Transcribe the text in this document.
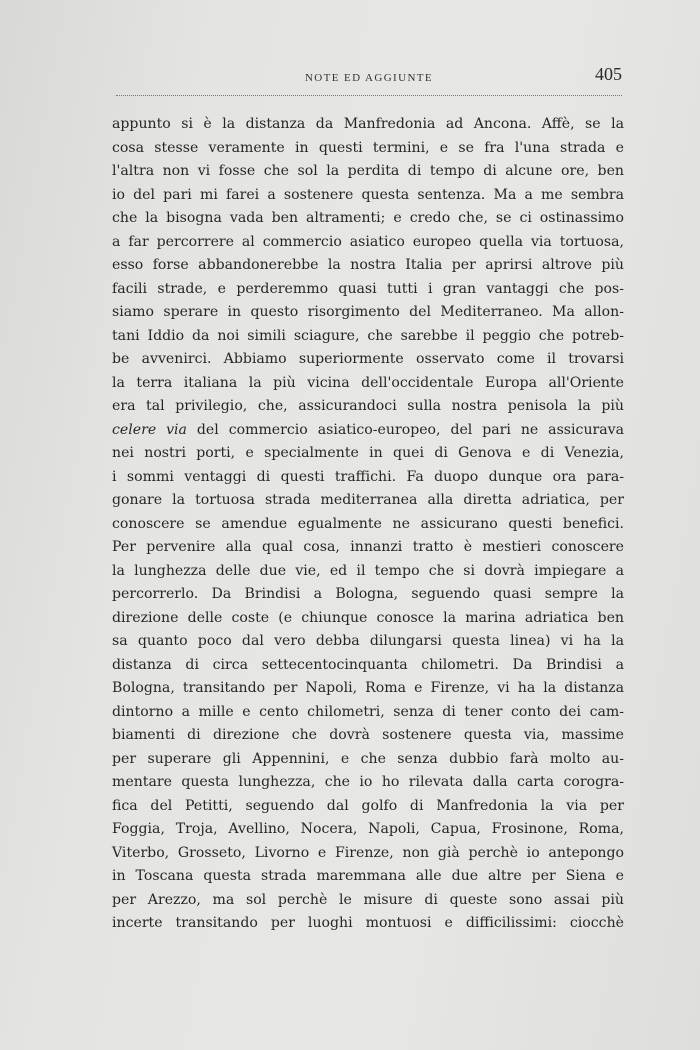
NOTE ED AGGIUNTE	405
appunto si è la distanza da Manfredonia ad Ancona. Affè, se la
cosa stesse veramente in questi termini, e se fra l'una strada e
l'altra non vi fosse che sol la perdita di tempo di alcune ore, ben
io del pari mi farei a sostenere questa sentenza. Ma a me sembra
che la bisogna vada ben altramenti; e credo che, se ci ostinassimo
a far percorrere al commercio asiatico europeo quella via tortuosa,
esso forse abbandonerebbe la nostra Italia per aprirsi altrove più
facili strade, e perderemmo quasi tutti i gran vantaggi che pos-
siamo sperare in questo risorgimento del Mediterraneo. Ma allon-
tani Iddio da noi simili sciagure, che sarebbe il peggio che potreb-
be avvenirci. Abbiamo superiormente osservato come il trovarsi
la terra italiana la più vicina dell'occidentale Europa all'Oriente
era tal privilegio, che, assicurandoci sulla nostra penisola la più
celere via del commercio asiatico-europeo, del pari ne assicurava
nei nostri porti, e specialmente in quei di Genova e di Venezia,
i sommi ventaggi di questi traffichi. Fa duopo dunque ora para-
gonare la tortuosa strada mediterranea alla diretta adriatica, per
conoscere se amendue egualmente ne assicurano questi benefici.
Per pervenire alla qual cosa, innanzi tratto è mestieri conoscere
la lunghezza delle due vie, ed il tempo che si dovrà impiegare a
percorrerlo. Da Brindisi a Bologna, seguendo quasi sempre la
direzione delle coste (e chiunque conosce la marina adriatica ben
sa quanto poco dal vero debba dilungarsi questa linea) vi ha la
distanza di circa settecentocinquanta chilometri. Da Brindisi a
Bologna, transitando per Napoli, Roma e Firenze, vi ha la distanza
dintorno a mille e cento chilometri, senza di tener conto dei cam-
biamenti di direzione che dovrà sostenere questa via, massime
per superare gli Appennini, e che senza dubbio farà molto au-
mentare questa lunghezza, che io ho rilevata dalla carta corogra-
fica del Petitti, seguendo dal golfo di Manfredonia la via per
Foggia, Troja, Avellino, Nocera, Napoli, Capua, Frosinone, Roma,
Viterbo, Grosseto, Livorno e Firenze, non già perchè io antepongo
in Toscana questa strada maremmana alle due altre per Siena e
per Arezzo, ma sol perchè le misure di queste sono assai più
incerte transitando per luoghi montuosi e difficilissimi: ciocchè
